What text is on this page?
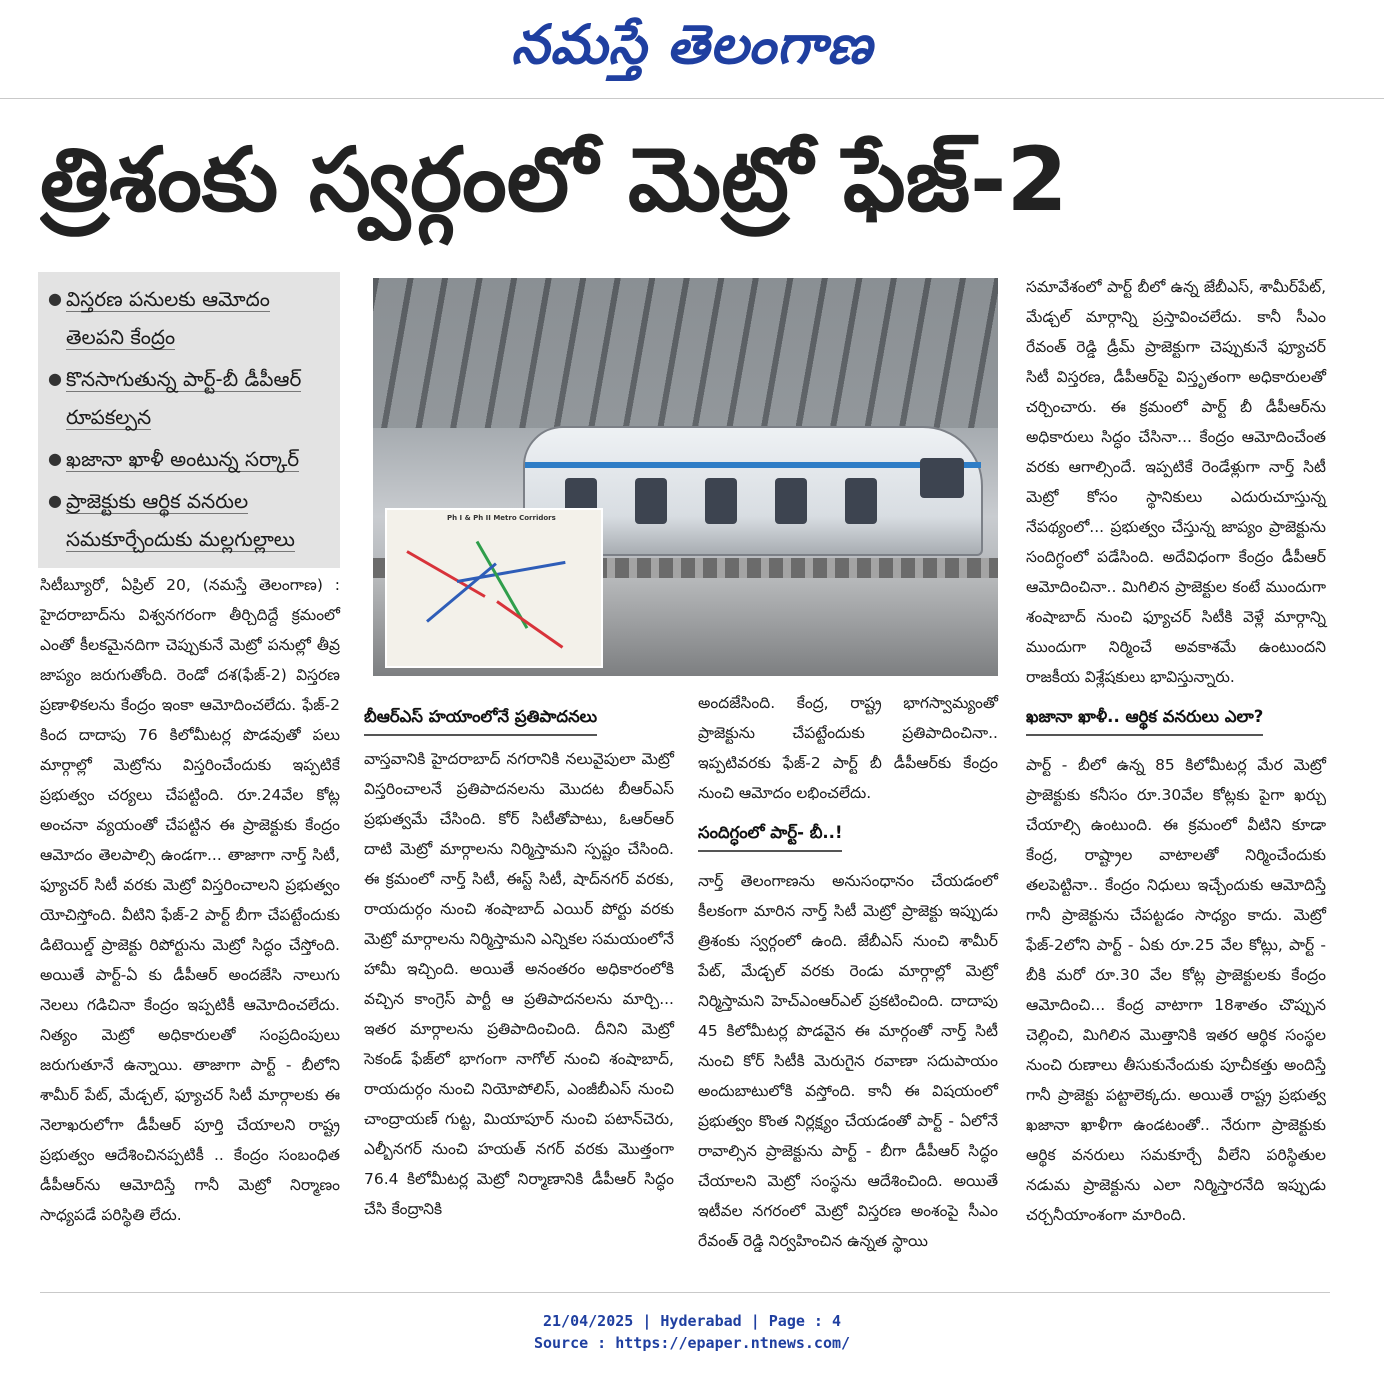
నమస్తే తెలంగాణ
త్రిశంకు స్వర్గంలో మెట్రో ఫేజ్-2
● విస్తరణ పనులకు ఆమోదం తెలపని కేంద్రం
● కొనసాగుతున్న పార్ట్-బీ డీపీఆర్ రూపకల్పన
● ఖజానా ఖాళీ అంటున్న సర్కార్
● ప్రాజెక్టుకు ఆర్థిక వనరుల సమకూర్చేందుకు మల్లగుల్లాలు
Ph I & Ph II Metro Corridors

సిటీబ్యూరో, ఏప్రిల్ 20, (నమస్తే తెలంగాణ) : హైదరాబాద్‌ను విశ్వనగరంగా తీర్చిదిద్దే క్రమంలో ఎంతో కీలకమైనదిగా చెప్పుకునే మెట్రో పనుల్లో తీవ్ర జాప్యం జరుగుతోంది. రెండో దశ(ఫేజ్-2) విస్తరణ ప్రణాళికలను కేంద్రం ఇంకా ఆమోదించలేదు. ఫేజ్-2 కింద దాదాపు 76 కిలోమీటర్ల పొడవుతో పలు మార్గాల్లో మెట్రోను విస్తరించేందుకు ఇప్పటికే ప్రభుత్వం చర్యలు చేపట్టింది. రూ.24వేల కోట్ల అంచనా వ్యయంతో చేపట్టిన ఈ ప్రాజెక్టుకు కేంద్రం ఆమోదం తెలపాల్సి ఉండగా... తాజాగా నార్త్ సిటీ, ఫ్యూచర్ సిటీ వరకు మెట్రో విస్తరించాలని ప్రభుత్వం యోచిస్తోంది. వీటిని ఫేజ్-2 పార్ట్ బీగా చేపట్టేందుకు డిటెయిల్డ్ ప్రాజెక్టు రిపోర్టును మెట్రో సిద్ధం చేస్తోంది. అయితే పార్ట్-ఏ కు డీపీఆర్ అందజేసి నాలుగు నెలలు గడిచినా కేంద్రం ఇప్పటికీ ఆమోదించలేదు. నిత్యం మెట్రో అధికారులతో సంప్రదింపులు జరుగుతూనే ఉన్నాయి. తాజాగా పార్ట్ - బీలోని శామీర్ పేట్, మేడ్చల్, ఫ్యూచర్ సిటీ మార్గాలకు ఈ నెలాఖరులోగా డీపీఆర్ పూర్తి చేయాలని రాష్ట్ర ప్రభుత్వం ఆదేశించినప్పటికీ .. కేంద్రం సంబంధిత డీపీఆర్‌ను ఆమోదిస్తే గానీ మెట్రో నిర్మాణం సాధ్యపడే పరిస్థితి లేదు.

బీఆర్ఎస్ హయాంలోనే ప్రతిపాదనలు

వాస్తవానికి హైదరాబాద్ నగరానికి నలువైపులా మెట్రో విస్తరించాలనే ప్రతిపాదనలను మొదట బీఆర్ఎస్ ప్రభుత్వమే చేసింది. కోర్ సిటీతోపాటు, ఓఆర్ఆర్ దాటి మెట్రో మార్గాలను నిర్మిస్తామని స్పష్టం చేసింది. ఈ క్రమంలో నార్త్ సిటీ, ఈస్ట్ సిటీ, షాద్‌నగర్ వరకు, రాయదుర్గం నుంచి శంషాబాద్ ఎయిర్ పోర్టు వరకు మెట్రో మార్గాలను నిర్మిస్తామని ఎన్నికల సమయంలోనే హామీ ఇచ్చింది. అయితే అనంతరం అధికారంలోకి వచ్చిన కాంగ్రెస్ పార్టీ ఆ ప్రతిపాదనలను మార్చి... ఇతర మార్గాలను ప్రతిపాదించింది. దీనిని మెట్రో సెకండ్ ఫేజ్‌లో భాగంగా నాగోల్ నుంచి శంషాబాద్, రాయదుర్గం నుంచి నియోపోలిస్, ఎంజీబీఎస్ నుంచి చాంద్రాయణ్ గుట్ట, మియాపూర్ నుంచి పటాన్‌చెరు, ఎల్బీనగర్ నుంచి హయత్ నగర్ వరకు మొత్తంగా 76.4 కిలోమీటర్ల మెట్రో నిర్మాణానికి డీపీఆర్ సిద్ధం చేసి కేంద్రానికి

అందజేసింది. కేంద్ర, రాష్ట్ర భాగస్వామ్యంతో ప్రాజెక్టును చేపట్టేందుకు ప్రతిపాదించినా.. ఇప్పటివరకు ఫేజ్-2 పార్ట్ బీ డీపీఆర్‌కు కేంద్రం నుంచి ఆమోదం లభించలేదు.

సందిగ్ధంలో పార్ట్- బీ..!

నార్త్ తెలంగాణను అనుసంధానం చేయడంలో కీలకంగా మారిన నార్త్ సిటీ మెట్రో ప్రాజెక్టు ఇప్పుడు త్రిశంకు స్వర్గంలో ఉంది. జేబీఎస్ నుంచి శామీర్ పేట్, మేడ్చల్ వరకు రెండు మార్గాల్లో మెట్రో నిర్మిస్తామని హెచ్ఎంఆర్ఎల్ ప్రకటించింది. దాదాపు 45 కిలోమీటర్ల పొడవైన ఈ మార్గంతో నార్త్ సిటీ నుంచి కోర్ సిటీకి మెరుగైన రవాణా సదుపాయం అందుబాటులోకి వస్తోంది. కానీ ఈ విషయంలో ప్రభుత్వం కొంత నిర్లక్ష్యం చేయడంతో పార్ట్ - ఏలోనే రావాల్సిన ప్రాజెక్టును పార్ట్ - బీగా డీపీఆర్ సిద్ధం చేయాలని మెట్రో సంస్థను ఆదేశించింది. అయితే ఇటీవల నగరంలో మెట్రో విస్తరణ అంశంపై సీఎం రేవంత్ రెడ్డి నిర్వహించిన ఉన్నత స్థాయి

సమావేశంలో పార్ట్ బీలో ఉన్న జేబీఎస్, శామీర్‌పేట్, మేడ్చల్ మార్గాన్ని ప్రస్తావించలేదు. కానీ సీఎం రేవంత్ రెడ్డి డ్రీమ్ ప్రాజెక్టుగా చెప్పుకునే ఫ్యూచర్ సిటీ విస్తరణ, డీపీఆర్‌పై విస్తృతంగా అధికారులతో చర్చించారు. ఈ క్రమంలో పార్ట్ బీ డీపీఆర్‌ను అధికారులు సిద్ధం చేసినా... కేంద్రం ఆమోదించేంత వరకు ఆగాల్సిందే. ఇప్పటికే రెండేళ్లుగా నార్త్ సిటీ మెట్రో కోసం స్థానికులు ఎదురుచూస్తున్న నేపథ్యంలో... ప్రభుత్వం చేస్తున్న జాప్యం ప్రాజెక్టును సందిగ్ధంలో పడేసింది. అదేవిధంగా కేంద్రం డీపీఆర్ ఆమోదించినా.. మిగిలిన ప్రాజెక్టుల కంటే ముందుగా శంషాబాద్ నుంచి ఫ్యూచర్ సిటీకి వెళ్లే మార్గాన్ని ముందుగా నిర్మించే అవకాశమే ఉంటుందని రాజకీయ విశ్లేషకులు భావిస్తున్నారు.

ఖజానా ఖాళీ.. ఆర్థిక వనరులు ఎలా?

పార్ట్ - బీలో ఉన్న 85 కిలోమీటర్ల మేర మెట్రో ప్రాజెక్టుకు కనీసం రూ.30వేల కోట్లకు పైగా ఖర్చు చేయాల్సి ఉంటుంది. ఈ క్రమంలో వీటిని కూడా కేంద్ర, రాష్ట్రాల వాటాలతో నిర్మించేందుకు తలపెట్టినా.. కేంద్రం నిధులు ఇచ్చేందుకు ఆమోదిస్తే గానీ ప్రాజెక్టును చేపట్టడం సాధ్యం కాదు. మెట్రో ఫేజ్-2లోని పార్ట్ - ఏకు రూ.25 వేల కోట్లు, పార్ట్ - బీకి మరో రూ.30 వేల కోట్ల ప్రాజెక్టులకు కేంద్రం ఆమోదించి... కేంద్ర వాటాగా 18శాతం చొప్పున చెల్లించి, మిగిలిన మొత్తానికి ఇతర ఆర్థిక సంస్థల నుంచి రుణాలు తీసుకునేందుకు పూచీకత్తు అందిస్తే గానీ ప్రాజెక్టు పట్టాలెక్కదు. అయితే రాష్ట్ర ప్రభుత్వ ఖజానా ఖాళీగా ఉండటంతో.. నేరుగా ప్రాజెక్టుకు ఆర్థిక వనరులు సమకూర్చే వీలేని పరిస్థితుల నడుమ ప్రాజెక్టును ఎలా నిర్మిస్తారనేది ఇప్పుడు చర్చనీయాంశంగా మారింది.

21/04/2025 | Hyderabad | Page : 4
Source : https://epaper.ntnews.com/
